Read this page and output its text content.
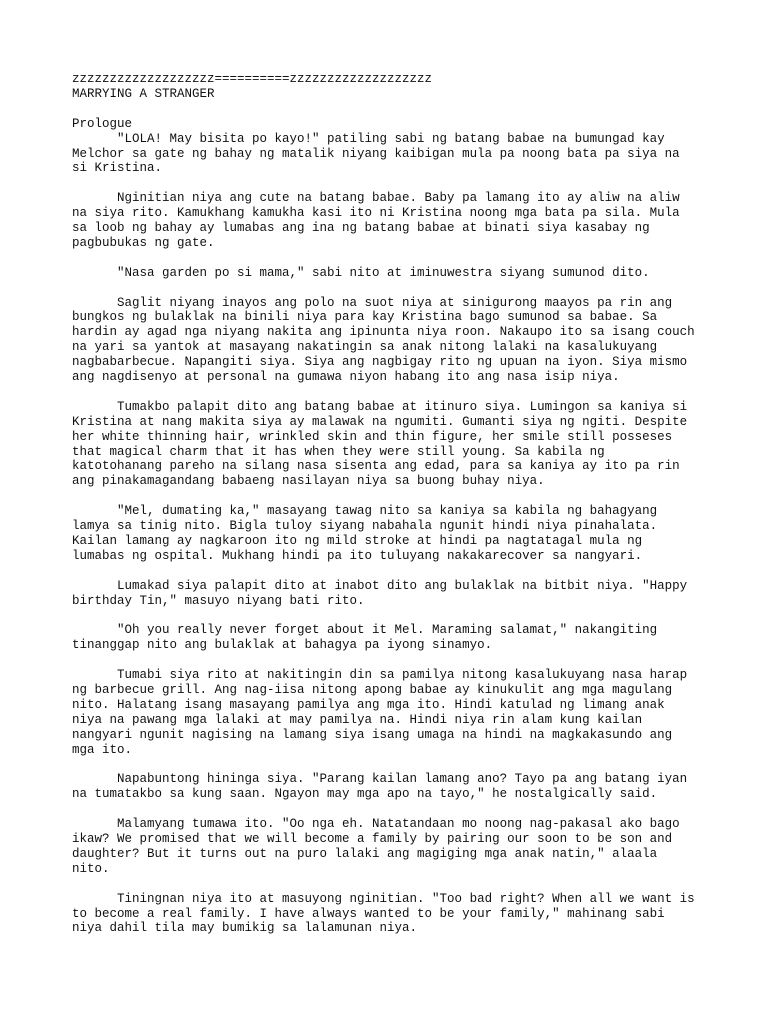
zzzzzzzzzzzzzzzzzzz==========zzzzzzzzzzzzzzzzzzz
MARRYING A STRANGER
Prologue
"LOLA! May bisita po kayo!" patiling sabi ng batang babae na bumungad kay
Melchor sa gate ng bahay ng matalik niyang kaibigan mula pa noong bata pa siya na
si Kristina.
Nginitian niya ang cute na batang babae. Baby pa lamang ito ay aliw na aliw
na siya rito. Kamukhang kamukha kasi ito ni Kristina noong mga bata pa sila. Mula
sa loob ng bahay ay lumabas ang ina ng batang babae at binati siya kasabay ng
pagbubukas ng gate.
"Nasa garden po si mama," sabi nito at iminuwestra siyang sumunod dito.
Saglit niyang inayos ang polo na suot niya at sinigurong maayos pa rin ang
bungkos ng bulaklak na binili niya para kay Kristina bago sumunod sa babae. Sa
hardin ay agad nga niyang nakita ang ipinunta niya roon. Nakaupo ito sa isang couch
na yari sa yantok at masayang nakatingin sa anak nitong lalaki na kasalukuyang
nagbabarbecue. Napangiti siya. Siya ang nagbigay rito ng upuan na iyon. Siya mismo
ang nagdisenyo at personal na gumawa niyon habang ito ang nasa isip niya.
Tumakbo palapit dito ang batang babae at itinuro siya. Lumingon sa kaniya si
Kristina at nang makita siya ay malawak na ngumiti. Gumanti siya ng ngiti. Despite
her white thinning hair, wrinkled skin and thin figure, her smile still posseses
that magical charm that it has when they were still young. Sa kabila ng
katotohanang pareho na silang nasa sisenta ang edad, para sa kaniya ay ito pa rin
ang pinakamagandang babaeng nasilayan niya sa buong buhay niya.
"Mel, dumating ka," masayang tawag nito sa kaniya sa kabila ng bahagyang
lamya sa tinig nito. Bigla tuloy siyang nabahala ngunit hindi niya pinahalata.
Kailan lamang ay nagkaroon ito ng mild stroke at hindi pa nagtatagal mula ng
lumabas ng ospital. Mukhang hindi pa ito tuluyang nakakarecover sa nangyari.
Lumakad siya palapit dito at inabot dito ang bulaklak na bitbit niya. "Happy
birthday Tin," masuyo niyang bati rito.
"Oh you really never forget about it Mel. Maraming salamat," nakangiting
tinanggap nito ang bulaklak at bahagya pa iyong sinamyo.
Tumabi siya rito at nakitingin din sa pamilya nitong kasalukuyang nasa harap
ng barbecue grill. Ang nag-iisa nitong apong babae ay kinukulit ang mga magulang
nito. Halatang isang masayang pamilya ang mga ito. Hindi katulad ng limang anak
niya na pawang mga lalaki at may pamilya na. Hindi niya rin alam kung kailan
nangyari ngunit nagising na lamang siya isang umaga na hindi na magkakasundo ang
mga ito.
Napabuntong hininga siya. "Parang kailan lamang ano? Tayo pa ang batang iyan
na tumatakbo sa kung saan. Ngayon may mga apo na tayo," he nostalgically said.
Malamyang tumawa ito. "Oo nga eh. Natatandaan mo noong nag-pakasal ako bago
ikaw? We promised that we will become a family by pairing our soon to be son and
daughter? But it turns out na puro lalaki ang magiging mga anak natin," alaala
nito.
Tiningnan niya ito at masuyong nginitian. "Too bad right? When all we want is
to become a real family. I have always wanted to be your family," mahinang sabi
niya dahil tila may bumikig sa lalamunan niya.
